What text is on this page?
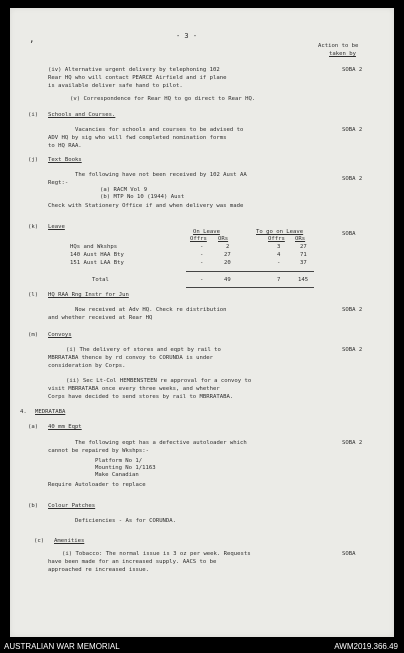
,	- 3 -

Action to be

taken by

(iv) Alternative urgent delivery by telephoning 102

Rear HQ who will contact PEARCE Airfield and if plane

is available deliver safe hand to pilot.

SOBA 2

(v) Correspondence for Rear HQ to go direct to Rear HQ.

(i) Schools and Courses.

Vacancies for schools and courses to be advised to

ADV HQ by sig who will fwd completed nomination forms

to HQ RAA.

SOBA 2

(j) Text Books

The following have not been received by 102 Aust AA

Regt:-

(a) RACM Vol 9

(b) MTP No 10 (1944) Aust

Check with Stationery Office if and when delivery was made

SOBA 2

(k) Leave

SOBA

On Leave	To go on Leave

Offrs ORs	Offrs ORs

HQs and Wkshps	-	2	3	27

140 Aust HAA Bty	-	27	4	71

151 Aust LAA Bty	-	20	-	37

Total	-	49	7	145

(l) HQ RAA Rng Instr for Jun

Now received at Adv HQ. Check re distribution

and whether received at Rear HQ

SOBA 2

(m) Convoys

(i) The delivery of stores and eqpt by rail to

MBRRATABA thence by rd convoy to CORUNDA is under

consideration by Corps.

SOBA 2

(ii) Sec Lt-Col HEMBENSTEEN re approval for a convoy to

visit MBRRATABA once every three weeks, and whether

Corps have decided to send stores by rail to MBRRATABA.

4. MEDRATABA

(a) 40 mm Eqpt

The following eqpt has a defective autoloader which

cannot be repaired by Wkshps:-

Platform No 1/

Mounting No 1/1163

Make Canadian

Require Autoloader to replace

SOBA 2

(b) Colour Patches

Deficiencies - As for CORUNDA.

(c) Amenities

(i) Tobacco: The normal issue is 3 oz per week. Requests

have been made for an increased supply. AACS to be

approached re increased issue.

SOBA

AUSTRALIAN WAR MEMORIAL	AWM2019.366.49
